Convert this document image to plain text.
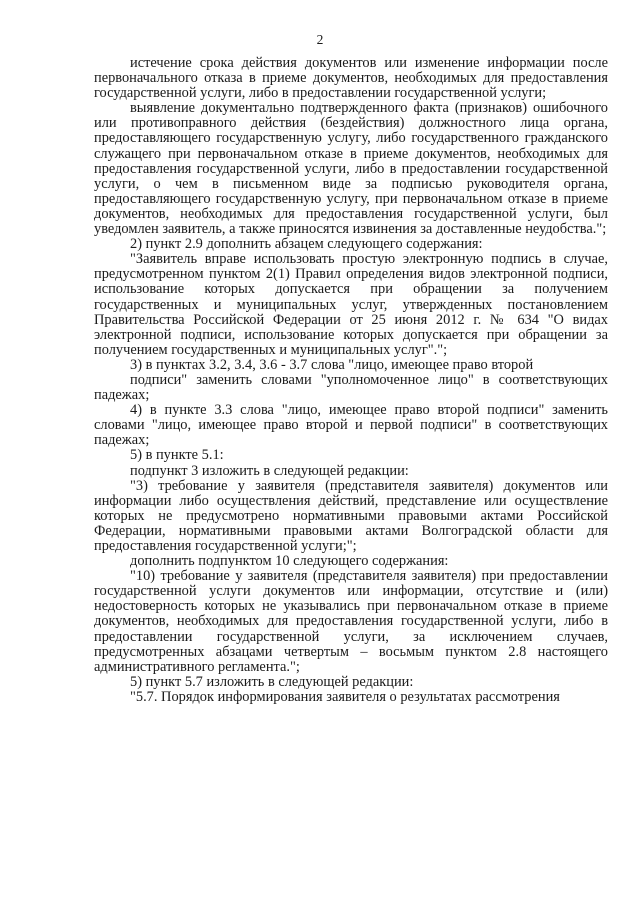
2

истечение срока действия документов или изменение информации после первоначального отказа в приеме документов, необходимых для предоставления государственной услуги, либо в предоставлении государственной услуги;

выявление документально подтвержденного факта (признаков) ошибочного или противоправного действия (бездействия) должностного лица органа, предоставляющего государственную услугу, либо государственного гражданского служащего при первоначальном отказе в приеме документов, необходимых для предоставления государственной услуги, либо в предоставлении государственной услуги, о чем в письменном виде за подписью руководителя органа, предоставляющего государственную услугу, при первоначальном отказе в приеме документов, необходимых для предоставления государственной услуги, был уведомлен заявитель, а также приносятся извинения за доставленные неудобства.";

2) пункт 2.9 дополнить абзацем следующего содержания:

"Заявитель вправе использовать простую электронную подпись в случае, предусмотренном пунктом 2(1) Правил определения видов электронной подписи, использование которых допускается при обращении за получением государственных и муниципальных услуг, утвержденных постановлением Правительства Российской Федерации от 25 июня 2012 г. № 634 "О видах электронной подписи, использование которых допускается при обращении за получением государственных и муниципальных услуг".";

3) в пунктах 3.2, 3.4, 3.6 - 3.7 слова "лицо, имеющее право второй

подписи" заменить словами "уполномоченное лицо" в соответствующих падежах;

4) в пункте 3.3 слова "лицо, имеющее право второй подписи" заменить словами "лицо, имеющее право второй и первой подписи" в соответствующих падежах;

5) в пункте 5.1:

подпункт 3 изложить в следующей редакции:

"3) требование у заявителя (представителя заявителя) документов или информации либо осуществления действий, представление или осуществление которых не предусмотрено нормативными правовыми актами Российской Федерации, нормативными правовыми актами Волгоградской области для предоставления государственной услуги;";

дополнить подпунктом 10 следующего содержания:

"10) требование у заявителя (представителя заявителя) при предоставлении государственной услуги документов или информации, отсутствие и (или) недостоверность которых не указывались при первоначальном отказе в приеме документов, необходимых для предоставления государственной услуги, либо в предоставлении государственной услуги, за исключением случаев, предусмотренных абзацами четвертым – восьмым пунктом 2.8 настоящего административного регламента.";

5) пункт 5.7 изложить в следующей редакции:

"5.7. Порядок информирования заявителя о результатах рассмотрения
